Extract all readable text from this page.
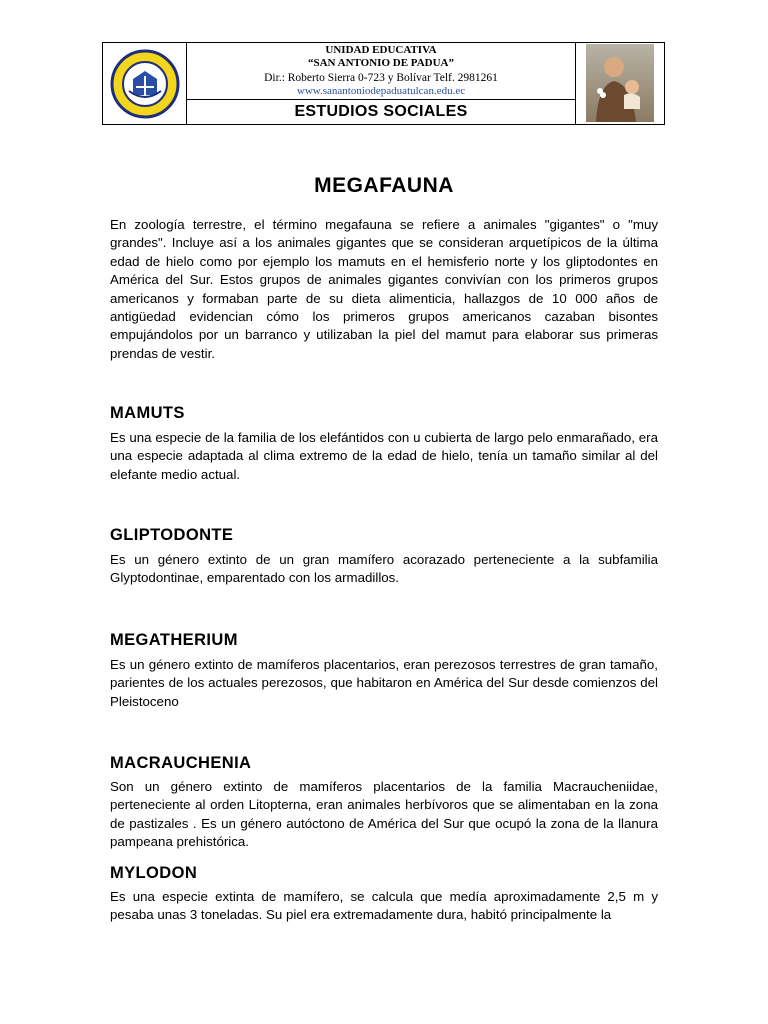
UNIDAD EDUCATIVA
“SAN ANTONIO DE PADUA”
Dir.: Roberto Sierra 0-723 y Bolívar Telf. 2981261
www.sanantoniodepaduatulcan.edu.ec
ESTUDIOS SOCIALES
MEGAFAUNA
En zoología terrestre, el término megafauna se refiere a animales "gigantes" o "muy grandes". Incluye así a los animales gigantes que se consideran arquetípicos de la última edad de hielo como por ejemplo los mamuts en el hemisferio norte y los gliptodontes en América del Sur. Estos grupos de animales gigantes convivían con los primeros grupos americanos y formaban parte de su dieta alimenticia, hallazgos de 10 000 años de antigüedad evidencian cómo los primeros grupos americanos cazaban bisontes empujándolos por un barranco y utilizaban la piel del mamut para elaborar sus primeras prendas de vestir.
MAMUTS
Es una especie de la familia de los elefántidos con u cubierta de largo pelo enmarañado, era una especie adaptada al clima extremo de la edad de hielo, tenía un tamaño similar al del elefante medio actual.
GLIPTODONTE
Es un género extinto de un gran mamífero acorazado perteneciente a la subfamilia Glyptodontinae, emparentado con los armadillos.
MEGATHERIUM
Es un género extinto de mamíferos placentarios, eran perezosos terrestres de gran tamaño, parientes de los actuales perezosos, que habitaron en América del Sur desde comienzos del Pleistoceno
MACRAUCHENIA
Son un género extinto de mamíferos placentarios de la familia Macraucheniidae, perteneciente al orden Litopterna, eran animales herbívoros que se alimentaban en la zona de pastizales . Es un género autóctono de América del Sur que ocupó la zona de la llanura pampeana prehistórica.
MYLODON
Es una especie extinta de mamífero, se calcula que medía aproximadamente 2,5 m y pesaba unas 3 toneladas. Su piel era extremadamente dura, habitó principalmente la
